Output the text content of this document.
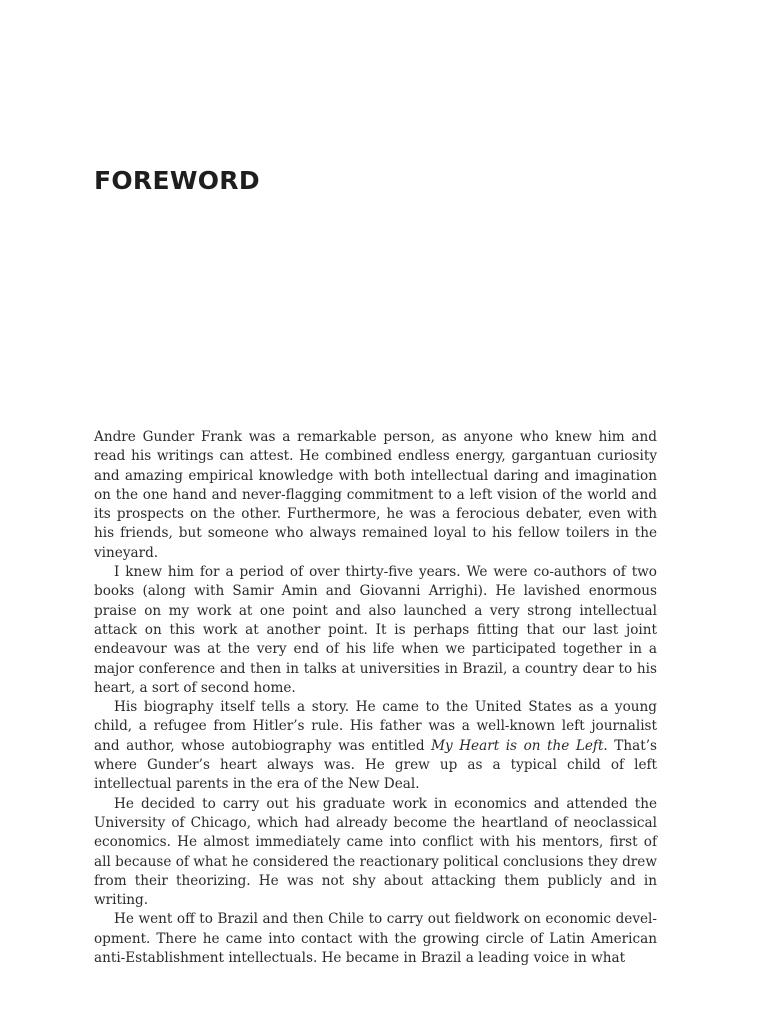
FOREWORD

Andre Gunder Frank was a remarkable person, as anyone who knew him and read his writings can attest. He combined endless energy, gargantuan curiosity and amazing empirical knowledge with both intellectual daring and imagination on the one hand and never-flagging commitment to a left vision of the world and its prospects on the other. Furthermore, he was a ferocious debater, even with his friends, but someone who always remained loyal to his fellow toilers in the vineyard.

I knew him for a period of over thirty-five years. We were co-authors of two books (along with Samir Amin and Giovanni Arrighi). He lavished enormous praise on my work at one point and also launched a very strong intellectual attack on this work at another point. It is perhaps fitting that our last joint endeavour was at the very end of his life when we participated together in a major conference and then in talks at universities in Brazil, a country dear to his heart, a sort of second home.

His biography itself tells a story. He came to the United States as a young child, a refugee from Hitler’s rule. His father was a well-known left journalist and author, whose autobiography was entitled My Heart is on the Left. That’s where Gunder’s heart always was. He grew up as a typical child of left intellectual parents in the era of the New Deal.

He decided to carry out his graduate work in economics and attended the University of Chicago, which had already become the heartland of neoclassical economics. He almost immediately came into conflict with his mentors, first of all because of what he considered the reactionary political conclusions they drew from their theorizing. He was not shy about attacking them publicly and in writing.

He went off to Brazil and then Chile to carry out fieldwork on economic development. There he came into contact with the growing circle of Latin American anti-Establishment intellectuals. He became in Brazil a leading voice in what
